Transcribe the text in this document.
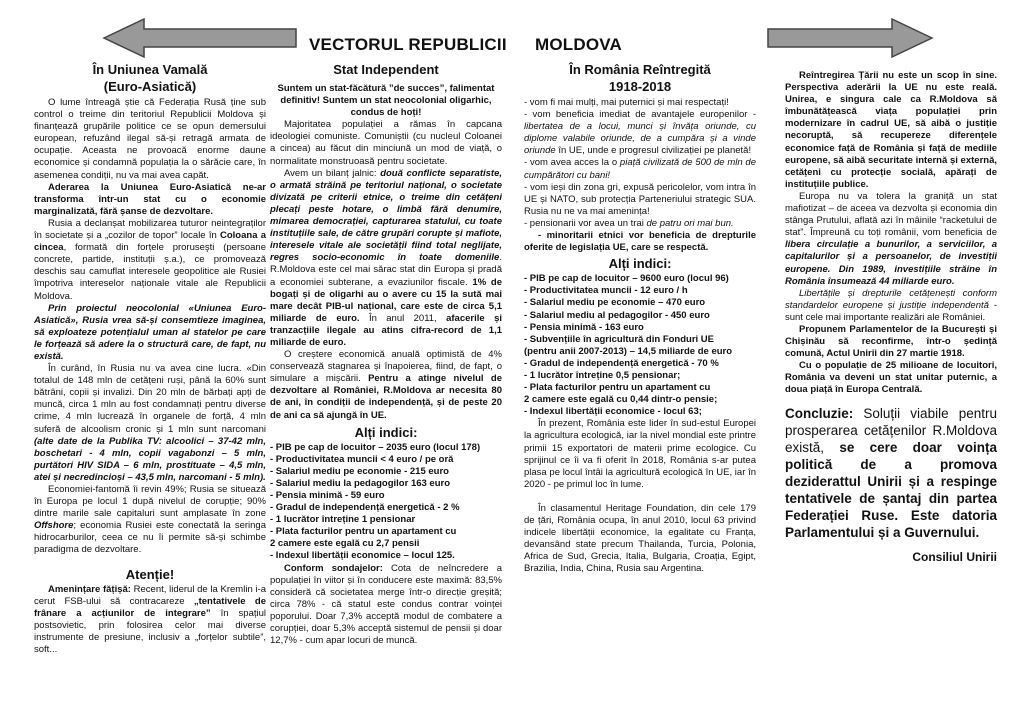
VECTORUL REPUBLICII MOLDOVA
În Uniunea Vamală
(Euro-Asiatică)

O lume întreagă știe că Federația Rusă ține sub control o treime din teritoriul Republicii Moldova și finanțează grupările politice ce se opun demersului european, refuzând ilegal să-și retragă armata de ocupație. Aceasta ne provoacă enorme daune economice și condamnă populația la o sărăcie care, în asemenea condiții, nu va mai avea capăt.

Aderarea la Uniunea Euro-Asiatică ne-ar transforma într-un stat cu o economie marginalizată, fără șanse de dezvoltare.

Rusia a declanșat mobilizarea tuturor neintegraților în societate și a „cozilor de topor” locale în Coloana a cincea, formată din forțele proruseşti (persoane concrete, partide, instituții ș.a.), ce promovează deschis sau camuflat interesele geopolitice ale Rusiei împotriva intereselor naționale vitale ale Republicii Moldova.

Prin proiectul neocolonial «Uniunea Euro-Asiatică», Rusia vrea să-și consemtieze imaginea, să exploateze potențialul uman al statelor pe care le forțează să adere la o structură care, de fapt, nu există.

În curând, în Rusia nu va avea cine lucra. «Din totalul de 148 mln de cetățeni ruși, până la 60% sunt bătrâni, copii și invalizi. Din 20 mln de bărbați apți de muncă, circa 1 mln au fost condamnați pentru diverse crime, 4 mln lucrează în organele de forță, 4 mln suferă de alcoolism cronic și 1 mln sunt narcomani (alte date de la Publika TV: alcoolici – 37-42 mln, boschetari - 4 mln, copii vagabonzi – 5 mln, purtători HIV SIDA – 6 mln, prostituate – 4,5 mln, atei și necredincioși – 43,5 mln, narcomani - 5 mln).

Economiei-fantomă îi revin 49%; Rusia se situează în Europa pe locul 1 după nivelul de corupție; 90% dintre marile sale capitaluri sunt amplasate în zone Offshore; economia Rusiei este conectată la seringa hidrocarburilor, ceea ce nu îi permite să-și schimbe paradigma de dezvoltare.

Atenție!

Amenințare fățișă: Recent, liderul de la Kremlin i-a cerut FSB-ului să contracareze „tentativele de frânare a acțiunilor de integrare” în spațiul postsovietic, prin folosirea celor mai diverse instrumente de presiune, inclusiv a „forțelor subtile”, soft...

Stat Independent

Suntem un stat-făcătură ”de succes”, falimentat definitiv! Suntem un stat neocolonial oligarhic, condus de hoți!

Majoritatea populației a rămas în capcana ideologiei comuniste. Comuniștii (cu nucleul Coloanei a cincea) au făcut din minciună un mod de viață, o normalitate monstruoasă pentru societate.

Avem un bilanț jalnic: două conflicte separatiste, o armată străină pe teritoriul național, o societate divizată pe criterii etnice, o treime din cetățeni plecați peste hotare, o limbă fără denumire, mimarea democrației, capturarea statului, cu toate instituțiile sale, de către grupări corupte și mafiote, interesele vitale ale societății fiind total neglijate, regres socio-economic în toate domeniile. R.Moldova este cel mai sărac stat din Europa și pradă a economiei subterane, a evaziunilor fiscale. 1% de bogați și de oligarhi au o avere cu 15 la sută mai mare decât PIB-ul național, care este de circa 5,1 miliarde de euro. În anul 2011, afacerile și tranzacțiile ilegale au atins cifra-record de 1,1 miliarde de euro.

O creștere economică anuală optimistă de 4% conservează stagnarea și înapoierea, fiind, de fapt, o simulare a mișcării. Pentru a atinge nivelul de dezvoltare al României, R.Moldova ar necesita 80 de ani, în condiții de independență, și de peste 20 de ani ca să ajungă în UE.

Alți indici:
- PIB pe cap de locuitor – 2035 euro (locul 178)
- Productivitatea muncii < 4 euro / pe oră
- Salariul mediu pe economie - 215 euro
- Salariul mediu la pedagogilor 163 euro
- Pensia minimă - 59 euro
- Gradul de independență energetică - 2 %
- 1 lucrător întreține 1 pensionar
- Plata facturilor pentru un apartament cu
2 camere este egală cu 2,7 pensii
- Indexul libertății economice – locul 125.

Conform sondajelor: Cota de neîncredere a populației în viitor și în conducere este maximă: 83,5% consideră că societatea merge într-o direcție greșită; circa 78% - că statul este condus contrar voinței poporului. Doar 7,3% acceptă modul de combatere a corupției, doar 5,3% acceptă sistemul de pensii și doar 12,7% - cum apar locuri de muncă.

În România Reîntregită
1918-2018

- vom fi mai mulți, mai puternici și mai respectați!

- vom beneficia imediat de avantajele europenilor - libertatea de a locui, munci și învăța oriunde, cu diplome valabile oriunde, de a cumpăra și a vinde oriunde în UE, unde e progresul civilizației pe planetă!

- vom avea acces la o piață civilizată de 500 de mln de cumpărători cu bani!

- vom ieși din zona gri, expusă pericolelor, vom intra în UE și NATO, sub protecția Parteneriului strategic SUA. Rusia nu ne va mai amenința!

- pensionarii vor avea un trai de patru ori mai bun.

- minoritarii etnici vor beneficia de drepturile oferite de legislația UE, care se respectă.

Alți indici:
- PIB pe cap de locuitor – 9600 euro (locul 96)
- Productivitatea muncii - 12 euro / h
- Salariul mediu pe economie – 470 euro
- Salariul mediu al pedagogilor - 450 euro
- Pensia minimă - 163 euro
- Subvențiile în agricultură din Fonduri UE
(pentru anii 2007-2013) – 14,5 miliarde de euro
- Gradul de independență energetică - 70 %
- 1 lucrător întreține 0,5 pensionar;
- Plata facturilor pentru un apartament cu
2 camere este egală cu 0,44 dintr-o pensie;
- Indexul libertății economice - locul 63;

În prezent, România este lider în sud-estul Europei la agricultura ecologică, iar la nivel mondial este printre primii 15 exportatori de materii prime ecologice. Cu sprijinul ce îi va fi oferit în 2018, România s-ar putea plasa pe locul întâi la agricultură ecologică în UE, iar în 2020 - pe primul loc în lume.

În clasamentul Heritage Foundation, din cele 179 de țări, România ocupa, în anul 2010, locul 63 privind indicele libertății economice, la egalitate cu Franța, devansând state precum Thailanda, Turcia, Polonia, Africa de Sud, Grecia, Italia, Bulgaria, Croația, Egipt, Brazilia, India, China, Rusia sau Argentina.

Reîntregirea Țării nu este un scop în sine. Perspectiva aderării la UE nu este reală. Unirea, e singura cale ca R.Moldova să îmbunătățească viața populației prin modernizare în cadrul UE, să aibă o justiție necoruptă, să recupereze diferențele economice față de România și față de mediile europene, să aibă securitate internă și externă, cetățeni cu protecție socială, apărați de instituțiile publice.

Europa nu va tolera la graniță un stat mafiotizat – de aceea va dezvolta și economia din stânga Prutului, aflată azi în mâinile “racketului de stat”. Împreună cu toți românii, vom beneficia de libera circulație a bunurilor, a serviciilor, a capitalurilor și a persoanelor, de investiții europene. Din 1989, investițiile străine în România însumează 44 miliarde euro.

Libertățile și drepturile cetățenești conform standardelor europene și justiție independentă - sunt cele mai importante realizări ale României.

Propunem Parlamentelor de la București și Chișinău să reconfirme, într-o ședință comună, Actul Unirii din 27 martie 1918.

Cu o populație de 25 milioane de locuitori, România va deveni un stat unitar puternic, a doua piață în Europa Centrală.

Concluzie: Soluții viabile pentru prosperarea cetățenilor R.Moldova există, se cere doar voința politică de a promova deziderattul Unirii și a respinge tentativele de șantaj din partea Federației Ruse. Este datoria Parlamentului și a Guvernului.
Consiliul Unirii
